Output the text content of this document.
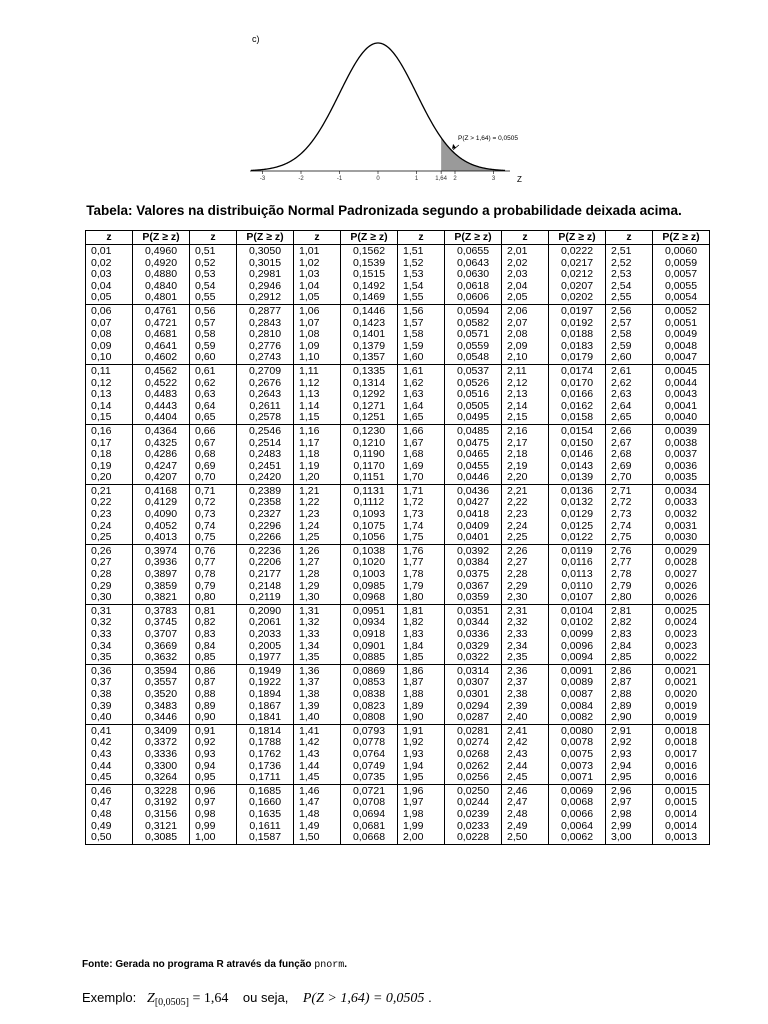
c)
-3	-2	-1	0	1	1,64 2	3	Z
P(Z > 1,64) = 0,0505
Tabela: Valores na distribuição Normal Padronizada segundo a probabilidade deixada acima.
z	P(Z ≥ z)	z	P(Z ≥ z)	z	P(Z ≥ z)	z	P(Z ≥ z)	z	P(Z ≥ z)	z	P(Z ≥ z)
0,01	0,4960	0,51	0,3050	1,01	0,1562	1,51	0,0655	2,01	0,0222	2,51	0,0060
0,02	0,4920	0,52	0,3015	1,02	0,1539	1,52	0,0643	2,02	0,0217	2,52	0,0059
0,03	0,4880	0,53	0,2981	1,03	0,1515	1,53	0,0630	2,03	0,0212	2,53	0,0057
0,04	0,4840	0,54	0,2946	1,04	0,1492	1,54	0,0618	2,04	0,0207	2,54	0,0055
0,05	0,4801	0,55	0,2912	1,05	0,1469	1,55	0,0606	2,05	0,0202	2,55	0,0054
0,06	0,4761	0,56	0,2877	1,06	0,1446	1,56	0,0594	2,06	0,0197	2,56	0,0052
0,07	0,4721	0,57	0,2843	1,07	0,1423	1,57	0,0582	2,07	0,0192	2,57	0,0051
0,08	0,4681	0,58	0,2810	1,08	0,1401	1,58	0,0571	2,08	0,0188	2,58	0,0049
0,09	0,4641	0,59	0,2776	1,09	0,1379	1,59	0,0559	2,09	0,0183	2,59	0,0048
0,10	0,4602	0,60	0,2743	1,10	0,1357	1,60	0,0548	2,10	0,0179	2,60	0,0047
0,11	0,4562	0,61	0,2709	1,11	0,1335	1,61	0,0537	2,11	0,0174	2,61	0,0045
0,12	0,4522	0,62	0,2676	1,12	0,1314	1,62	0,0526	2,12	0,0170	2,62	0,0044
0,13	0,4483	0,63	0,2643	1,13	0,1292	1,63	0,0516	2,13	0,0166	2,63	0,0043
0,14	0,4443	0,64	0,2611	1,14	0,1271	1,64	0,0505	2,14	0,0162	2,64	0,0041
0,15	0,4404	0,65	0,2578	1,15	0,1251	1,65	0,0495	2,15	0,0158	2,65	0,0040
0,16	0,4364	0,66	0,2546	1,16	0,1230	1,66	0,0485	2,16	0,0154	2,66	0,0039
0,17	0,4325	0,67	0,2514	1,17	0,1210	1,67	0,0475	2,17	0,0150	2,67	0,0038
0,18	0,4286	0,68	0,2483	1,18	0,1190	1,68	0,0465	2,18	0,0146	2,68	0,0037
0,19	0,4247	0,69	0,2451	1,19	0,1170	1,69	0,0455	2,19	0,0143	2,69	0,0036
0,20	0,4207	0,70	0,2420	1,20	0,1151	1,70	0,0446	2,20	0,0139	2,70	0,0035
0,21	0,4168	0,71	0,2389	1,21	0,1131	1,71	0,0436	2,21	0,0136	2,71	0,0034
0,22	0,4129	0,72	0,2358	1,22	0,1112	1,72	0,0427	2,22	0,0132	2,72	0,0033
0,23	0,4090	0,73	0,2327	1,23	0,1093	1,73	0,0418	2,23	0,0129	2,73	0,0032
0,24	0,4052	0,74	0,2296	1,24	0,1075	1,74	0,0409	2,24	0,0125	2,74	0,0031
0,25	0,4013	0,75	0,2266	1,25	0,1056	1,75	0,0401	2,25	0,0122	2,75	0,0030
0,26	0,3974	0,76	0,2236	1,26	0,1038	1,76	0,0392	2,26	0,0119	2,76	0,0029
0,27	0,3936	0,77	0,2206	1,27	0,1020	1,77	0,0384	2,27	0,0116	2,77	0,0028
0,28	0,3897	0,78	0,2177	1,28	0,1003	1,78	0,0375	2,28	0,0113	2,78	0,0027
0,29	0,3859	0,79	0,2148	1,29	0,0985	1,79	0,0367	2,29	0,0110	2,79	0,0026
0,30	0,3821	0,80	0,2119	1,30	0,0968	1,80	0,0359	2,30	0,0107	2,80	0,0026
0,31	0,3783	0,81	0,2090	1,31	0,0951	1,81	0,0351	2,31	0,0104	2,81	0,0025
0,32	0,3745	0,82	0,2061	1,32	0,0934	1,82	0,0344	2,32	0,0102	2,82	0,0024
0,33	0,3707	0,83	0,2033	1,33	0,0918	1,83	0,0336	2,33	0,0099	2,83	0,0023
0,34	0,3669	0,84	0,2005	1,34	0,0901	1,84	0,0329	2,34	0,0096	2,84	0,0023
0,35	0,3632	0,85	0,1977	1,35	0,0885	1,85	0,0322	2,35	0,0094	2,85	0,0022
0,36	0,3594	0,86	0,1949	1,36	0,0869	1,86	0,0314	2,36	0,0091	2,86	0,0021
0,37	0,3557	0,87	0,1922	1,37	0,0853	1,87	0,0307	2,37	0,0089	2,87	0,0021
0,38	0,3520	0,88	0,1894	1,38	0,0838	1,88	0,0301	2,38	0,0087	2,88	0,0020
0,39	0,3483	0,89	0,1867	1,39	0,0823	1,89	0,0294	2,39	0,0084	2,89	0,0019
0,40	0,3446	0,90	0,1841	1,40	0,0808	1,90	0,0287	2,40	0,0082	2,90	0,0019
0,41	0,3409	0,91	0,1814	1,41	0,0793	1,91	0,0281	2,41	0,0080	2,91	0,0018
0,42	0,3372	0,92	0,1788	1,42	0,0778	1,92	0,0274	2,42	0,0078	2,92	0,0018
0,43	0,3336	0,93	0,1762	1,43	0,0764	1,93	0,0268	2,43	0,0075	2,93	0,0017
0,44	0,3300	0,94	0,1736	1,44	0,0749	1,94	0,0262	2,44	0,0073	2,94	0,0016
0,45	0,3264	0,95	0,1711	1,45	0,0735	1,95	0,0256	2,45	0,0071	2,95	0,0016
0,46	0,3228	0,96	0,1685	1,46	0,0721	1,96	0,0250	2,46	0,0069	2,96	0,0015
0,47	0,3192	0,97	0,1660	1,47	0,0708	1,97	0,0244	2,47	0,0068	2,97	0,0015
0,48	0,3156	0,98	0,1635	1,48	0,0694	1,98	0,0239	2,48	0,0066	2,98	0,0014
0,49	0,3121	0,99	0,1611	1,49	0,0681	1,99	0,0233	2,49	0,0064	2,99	0,0014
0,50	0,3085	1,00	0,1587	1,50	0,0668	2,00	0,0228	2,50	0,0062	3,00	0,0013
Fonte: Gerada no programa R através da função pnorm.
Exemplo: $Z_{[0,0505]} = 1,64$ ou seja, P(Z > 1,64) = 0,0505 .
